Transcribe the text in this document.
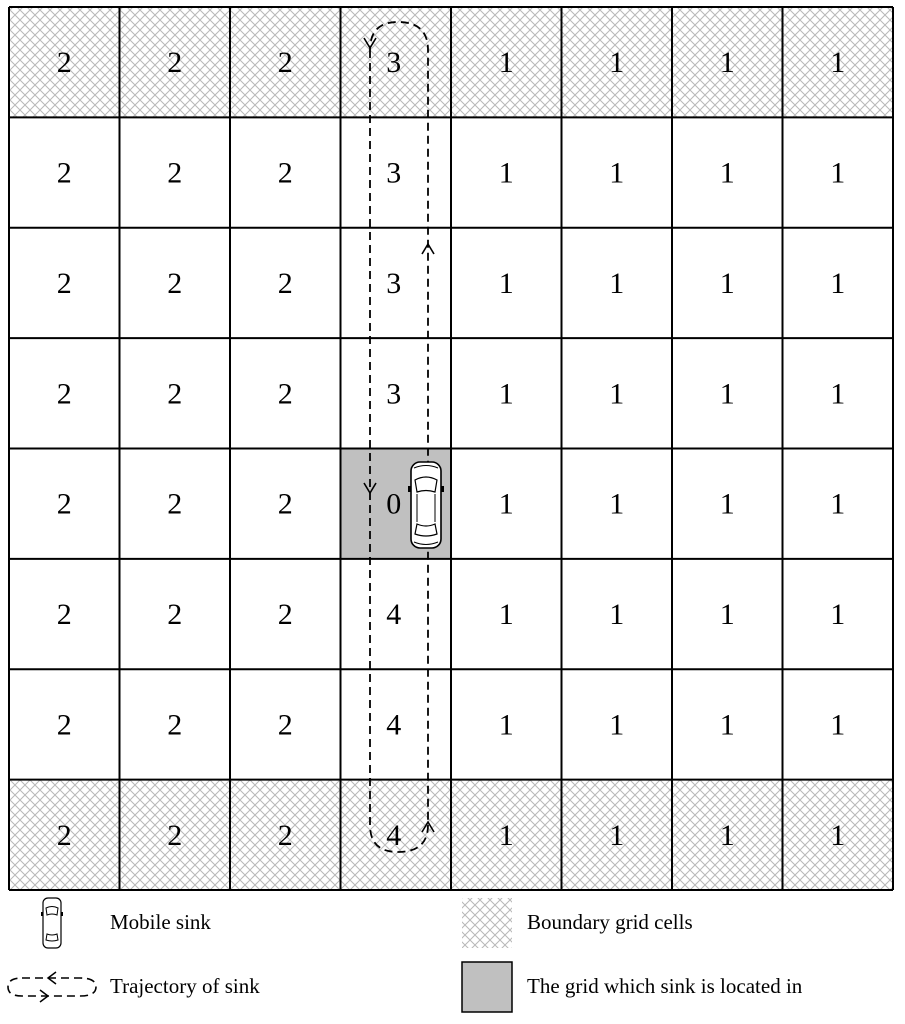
2	2	2	3	1	1	1	1
2	2	2	3	1	1	1	1
2	2	2	3	1	1	1	1
2	2	2	3	1	1	1	1
2	2	2	0	1	1	1	1
2	2	2	4	1	1	1	1
2	2	2	4	1	1	1	1
2	2	2	4	1	1	1	1
Mobile sink	Boundary grid cells
Trajectory of sink	The grid which sink is located in
